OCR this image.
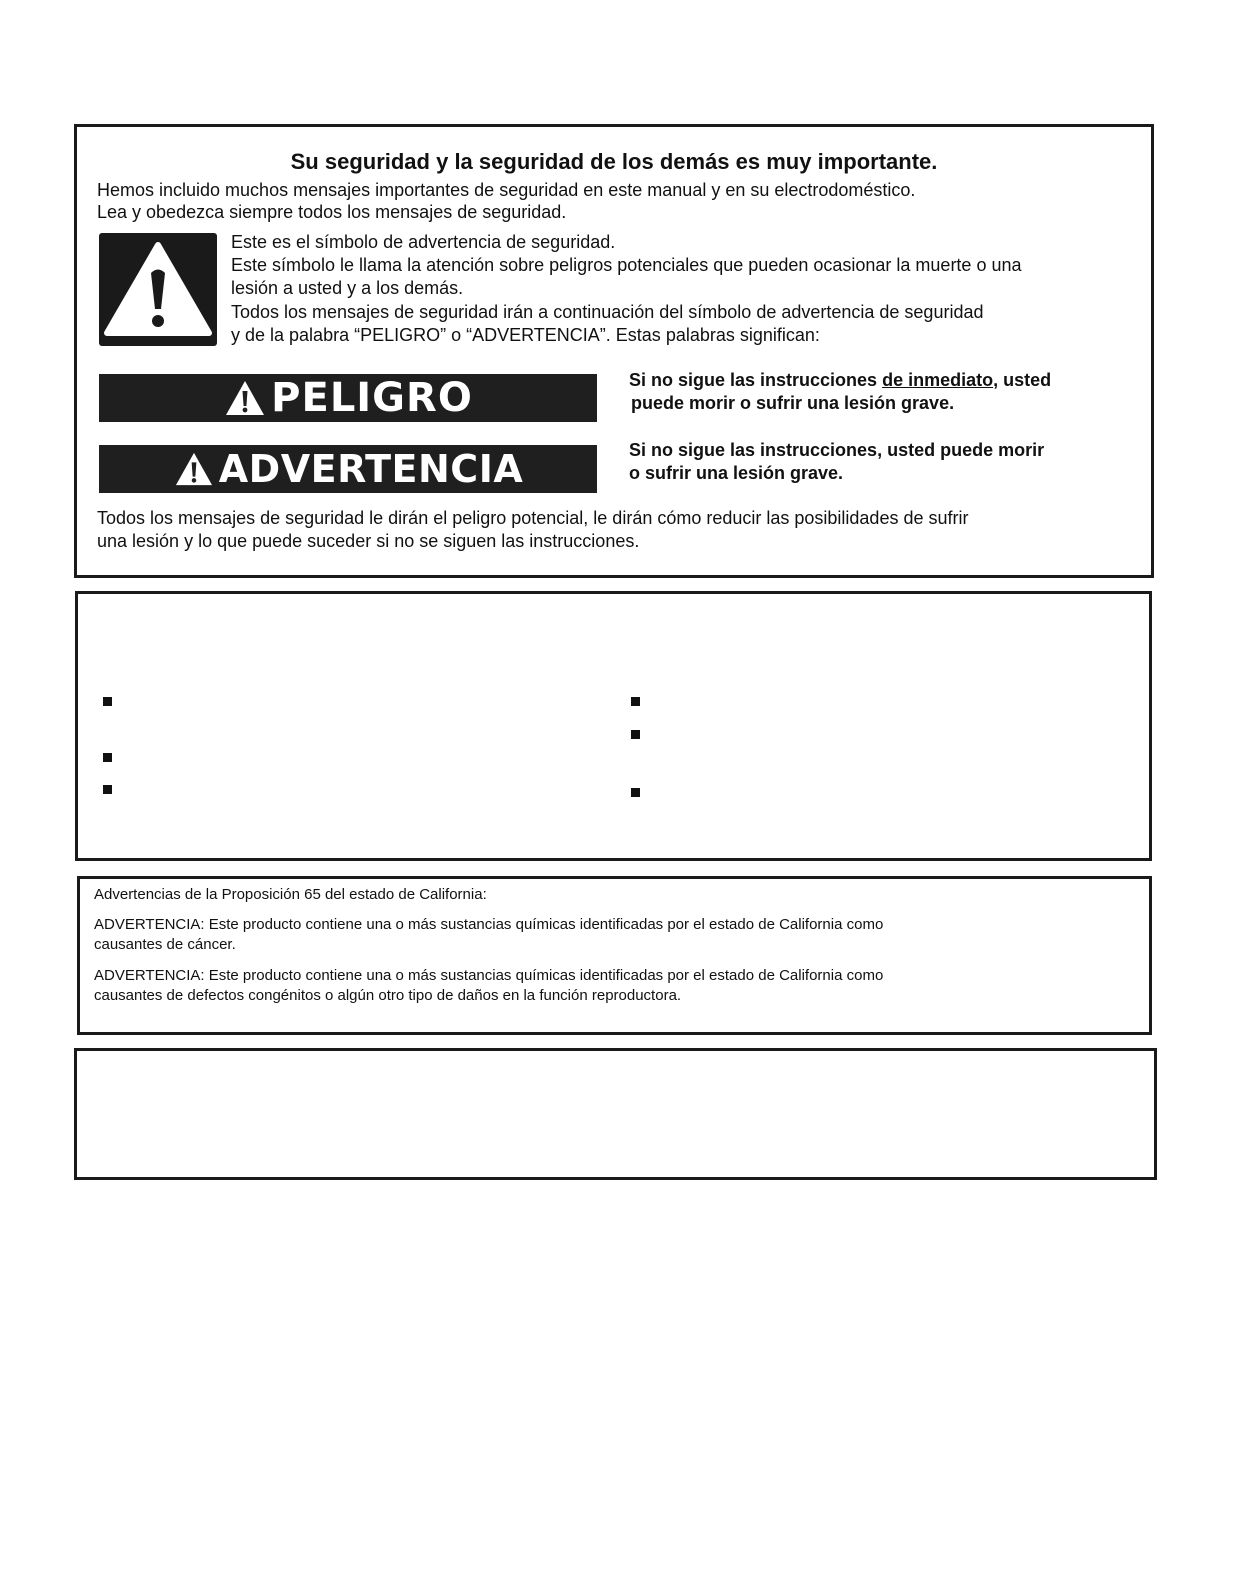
Su seguridad y la seguridad de los demás es muy importante.
Hemos incluido muchos mensajes importantes de seguridad en este manual y en su electrodoméstico.
Lea y obedezca siempre todos los mensajes de seguridad.
Este es el símbolo de advertencia de seguridad.
Este símbolo le llama la atención sobre peligros potenciales que pueden ocasionar la muerte o una
lesión a usted y a los demás.
Todos los mensajes de seguridad irán a continuación del símbolo de advertencia de seguridad
y de la palabra “PELIGRO” o “ADVERTENCIA”. Estas palabras significan:
PELIGRO	Si no sigue las instrucciones de inmediato, usted
puede morir o sufrir una lesión grave.
ADVERTENCIA	Si no sigue las instrucciones, usted puede morir
o sufrir una lesión grave.
Todos los mensajes de seguridad le dirán el peligro potencial, le dirán cómo reducir las posibilidades de sufrir
una lesión y lo que puede suceder si no se siguen las instrucciones.
Advertencias de la Proposición 65 del estado de California:
ADVERTENCIA: Este producto contiene una o más sustancias químicas identificadas por el estado de California como
causantes de cáncer.
ADVERTENCIA: Este producto contiene una o más sustancias químicas identificadas por el estado de California como
causantes de defectos congénitos o algún otro tipo de daños en la función reproductora.
